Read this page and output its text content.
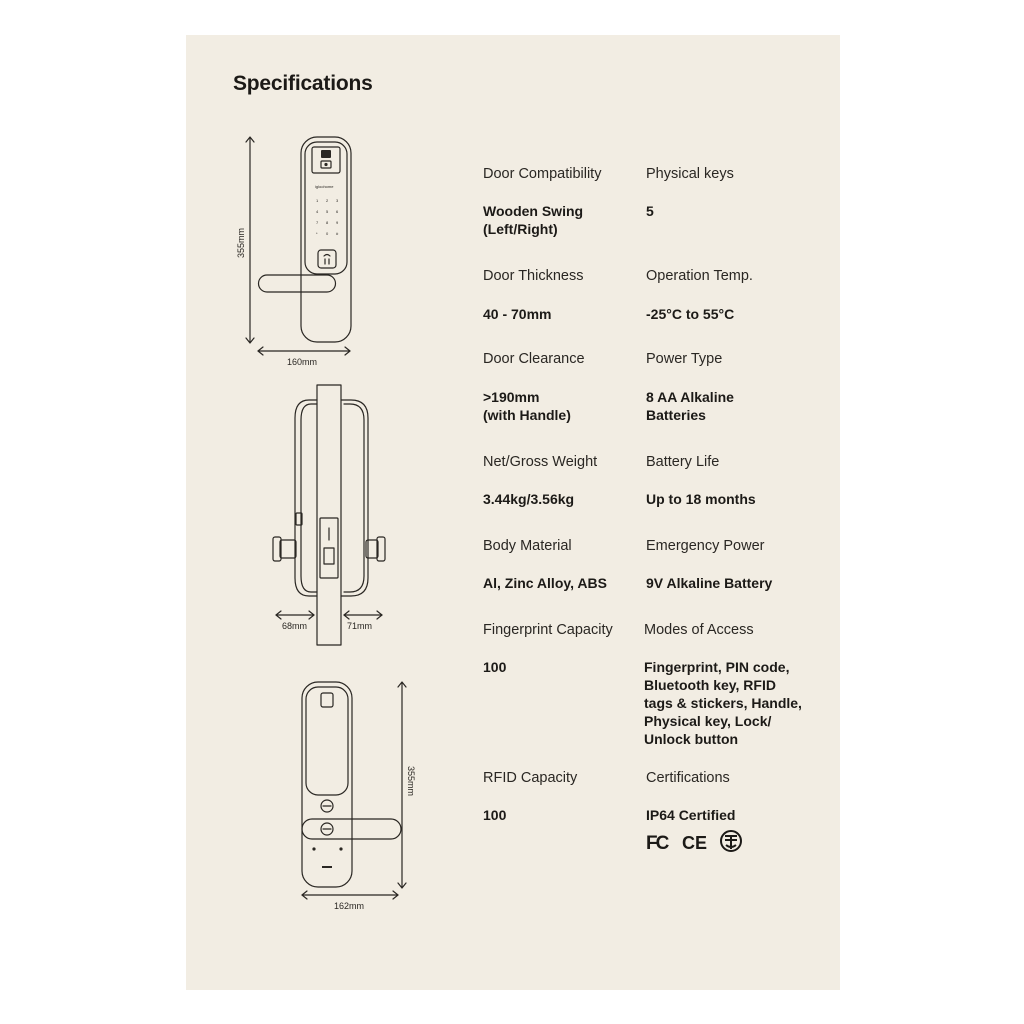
Specifications
igloohome
1 2 3
4 5 6
7 8 9
* 0 #
355mm
160mm
68mm	71mm
355mm
162mm
Door Compatibility
Wooden Swing
(Left/Right)
Physical keys
5
Door Thickness
40 - 70mm
Operation Temp.
-25°C to 55°C
Door Clearance
>190mm
(with Handle)
Power Type
8 AA Alkaline
Batteries
Net/Gross Weight
3.44kg/3.56kg
Battery Life
Up to 18 months
Body Material
Al, Zinc Alloy, ABS
Emergency Power
9V Alkaline Battery
Fingerprint Capacity
100
Modes of Access
Fingerprint, PIN code,
Bluetooth key, RFID
tags & stickers, Handle,
Physical key, Lock/
Unlock button
RFID Capacity
100
Certifications
IP64 Certified
FC CE
